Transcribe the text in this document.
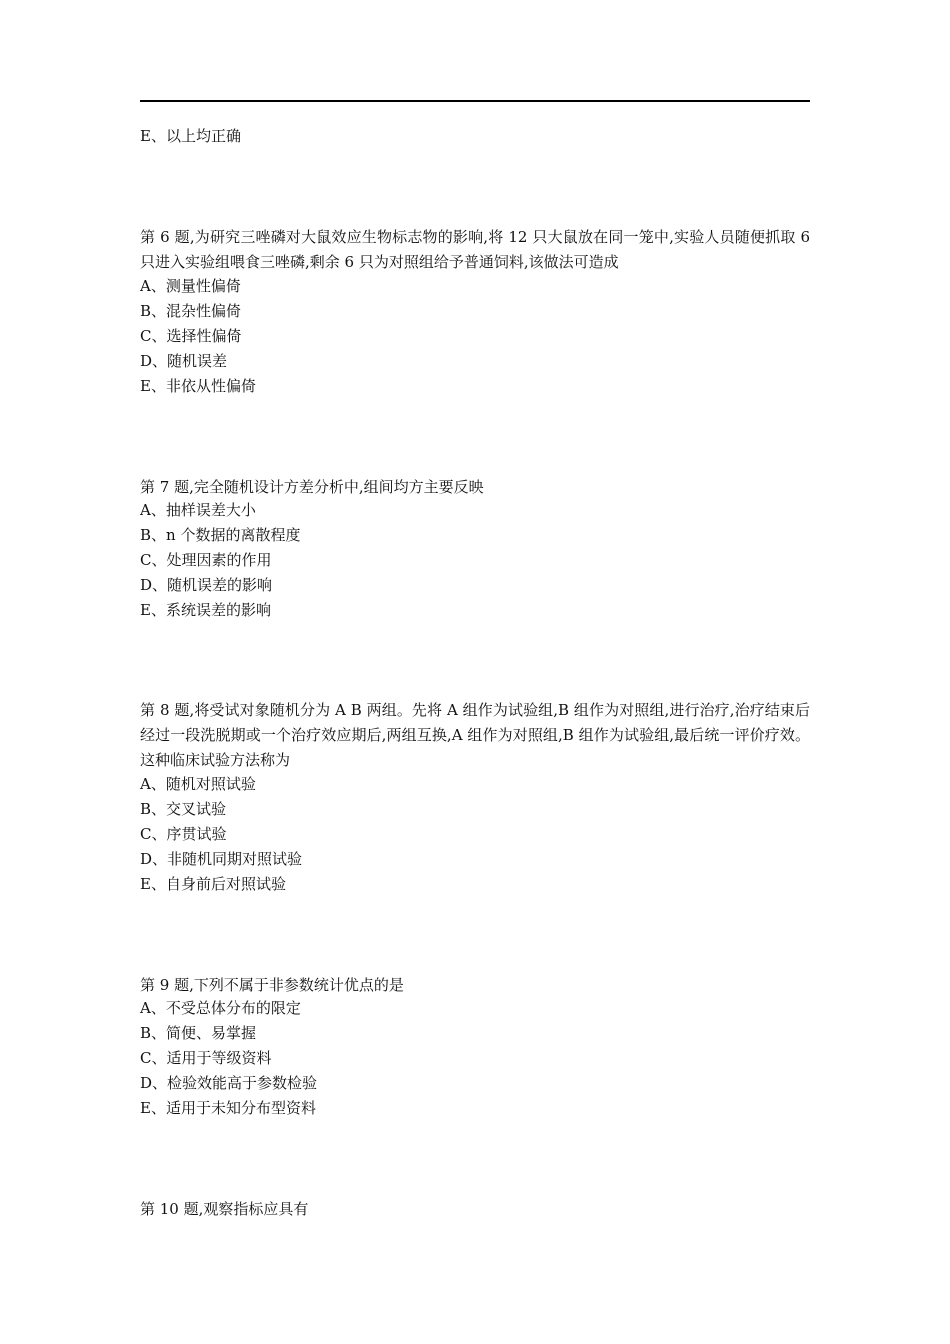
E、以上均正确
第 6 题,为研究三唑磷对大鼠效应生物标志物的影响,将 12 只大鼠放在同一笼中,实验人员随便抓取 6 只进入实验组喂食三唑磷,剩余 6 只为对照组给予普通饲料,该做法可造成
A、测量性偏倚
B、混杂性偏倚
C、选择性偏倚
D、随机误差
E、非依从性偏倚
第 7 题,完全随机设计方差分析中,组间均方主要反映
A、抽样误差大小
B、n 个数据的离散程度
C、处理因素的作用
D、随机误差的影响
E、系统误差的影响
第 8 题,将受试对象随机分为 A B 两组。先将 A 组作为试验组,B 组作为对照组,进行治疗,治疗结束后经过一段洗脱期或一个治疗效应期后,两组互换,A 组作为对照组,B 组作为试验组,最后统一评价疗效。这种临床试验方法称为
A、随机对照试验
B、交叉试验
C、序贯试验
D、非随机同期对照试验
E、自身前后对照试验
第 9 题,下列不属于非参数统计优点的是
A、不受总体分布的限定
B、简便、易掌握
C、适用于等级资料
D、检验效能高于参数检验
E、适用于未知分布型资料
第 10 题,观察指标应具有
